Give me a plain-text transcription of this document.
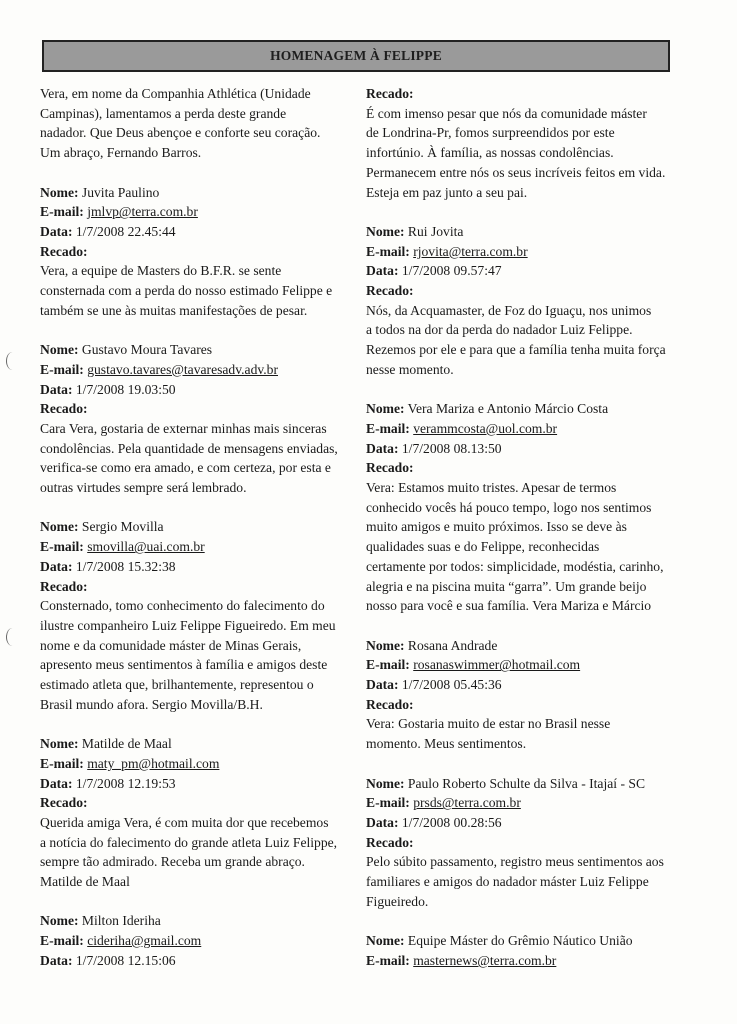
HOMENAGEM À FELIPPE

Vera, em nome da Companhia Athlética (Unidade

Campinas), lamentamos a perda deste grande

nadador. Que Deus abençoe e conforte seu coração.

Um abraço, Fernando Barros.

Nome: Juvita Paulino

E-mail: jmlvp@terra.com.br

Data: 1/7/2008 22.45:44

Recado:

Vera, a equipe de Masters do B.F.R. se sente

consternada com a perda do nosso estimado Felippe e

também se une às muitas manifestações de pesar.

Nome: Gustavo Moura Tavares

E-mail: gustavo.tavares@tavaresadv.adv.br

Data: 1/7/2008 19.03:50

Recado:

Cara Vera, gostaria de externar minhas mais sinceras

condolências. Pela quantidade de mensagens enviadas,

verifica-se como era amado, e com certeza, por esta e

outras virtudes sempre será lembrado.

Nome: Sergio Movilla

E-mail: smovilla@uai.com.br

Data: 1/7/2008 15.32:38

Recado:

Consternado, tomo conhecimento do falecimento do

ilustre companheiro Luiz Felippe Figueiredo. Em meu

nome e da comunidade máster de Minas Gerais,

apresento meus sentimentos à família e amigos deste

estimado atleta que, brilhantemente, representou o

Brasil mundo afora. Sergio Movilla/B.H.

Nome: Matilde de Maal

E-mail: maty_pm@hotmail.com

Data: 1/7/2008 12.19:53

Recado:

Querida amiga Vera, é com muita dor que recebemos

a notícia do falecimento do grande atleta Luiz Felippe,

sempre tão admirado. Receba um grande abraço.

Matilde de Maal

Nome: Milton Ideriha

E-mail: cideriha@gmail.com

Data: 1/7/2008 12.15:06

Recado:

É com imenso pesar que nós da comunidade máster

de Londrina-Pr, fomos surpreendidos por este

infortúnio. À família, as nossas condolências.

Permanecem entre nós os seus incríveis feitos em vida.

Esteja em paz junto a seu pai.

Nome: Rui Jovita

E-mail: rjovita@terra.com.br

Data: 1/7/2008 09.57:47

Recado:

Nós, da Acquamaster, de Foz do Iguaçu, nos unimos

a todos na dor da perda do nadador Luiz Felippe.

Rezemos por ele e para que a família tenha muita força

nesse momento.

Nome: Vera Mariza e Antonio Márcio Costa

E-mail: verammcosta@uol.com.br

Data: 1/7/2008 08.13:50

Recado:

Vera: Estamos muito tristes. Apesar de termos

conhecido vocês há pouco tempo, logo nos sentimos

muito amigos e muito próximos. Isso se deve às

qualidades suas e do Felippe, reconhecidas

certamente por todos: simplicidade, modéstia, carinho,

alegria e na piscina muita “garra”. Um grande beijo

nosso para você e sua família. Vera Mariza e Márcio

Nome: Rosana Andrade

E-mail: rosanaswimmer@hotmail.com

Data: 1/7/2008 05.45:36

Recado:

Vera: Gostaria muito de estar no Brasil nesse

momento. Meus sentimentos.

Nome: Paulo Roberto Schulte da Silva - Itajaí - SC

E-mail: prsds@terra.com.br

Data: 1/7/2008 00.28:56

Recado:

Pelo súbito passamento, registro meus sentimentos aos

familiares e amigos do nadador máster Luiz Felippe

Figueiredo.

Nome: Equipe Máster do Grêmio Náutico União

E-mail: masternews@terra.com.br
